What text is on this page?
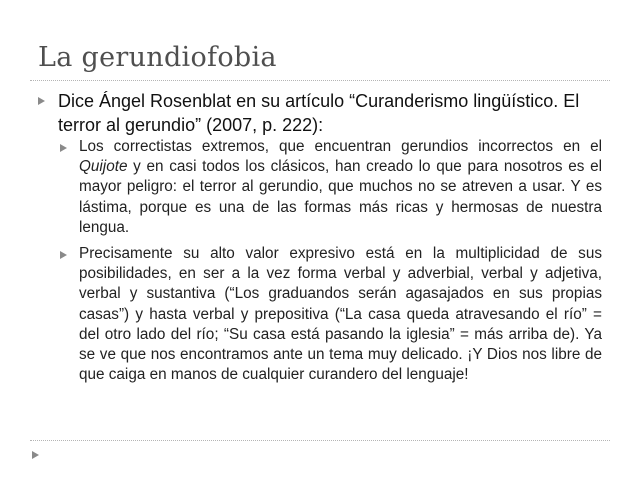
La gerundiofobia
Dice Ángel Rosenblat en su artículo “Curanderismo lingüístico. El terror al gerundio” (2007, p. 222):
Los correctistas extremos, que encuentran gerundios incorrectos en el Quijote y en casi todos los clásicos, han creado lo que para nosotros es el mayor peligro: el terror al gerundio, que muchos no se atreven a usar. Y es lástima, porque es una de las formas más ricas y hermosas de nuestra lengua.
Precisamente su alto valor expresivo está en la multiplicidad de sus posibilidades, en ser a la vez forma verbal y adverbial, verbal y adjetiva, verbal y sustantiva (“Los graduandos serán agasajados en sus propias casas”) y hasta verbal y prepositiva (“La casa queda atravesando el río” = del otro lado del río; “Su casa está pasando la iglesia” = más arriba de). Ya se ve que nos encontramos ante un tema muy delicado. ¡Y Dios nos libre de que caiga en manos de cualquier curandero del lenguaje!
